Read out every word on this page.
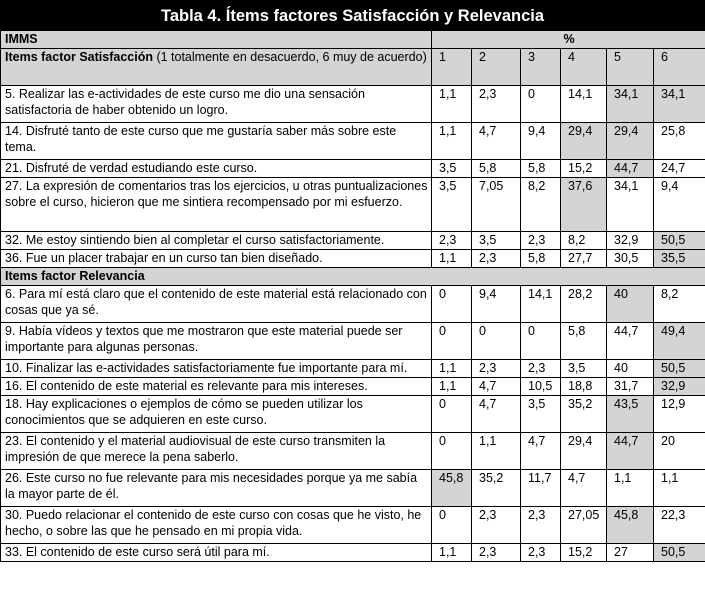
Tabla 4. Ítems factores Satisfacción y Relevancia
IMMS	%					
Items factor Satisfacción (1 totalmente en desacuerdo, 6 muy de acuerdo)	1	2	3	4	5	6
5. Realizar las e-actividades de este curso me dio una sensación satisfactoria de haber obtenido un logro.	1,1	2,3	0	14,1	34,1	34,1
14. Disfruté tanto de este curso que me gustaría saber más sobre este tema.	1,1	4,7	9,4	29,4	29,4	25,8
21. Disfruté de verdad estudiando este curso.	3,5	5,8	5,8	15,2	44,7	24,7
27. La expresión de comentarios tras los ejercicios, u otras puntualizaciones sobre el curso, hicieron que me sintiera recompensado por mi esfuerzo.	3,5	7,05	8,2	37,6	34,1	9,4
32. Me estoy sintiendo bien al completar el curso satisfactoriamente.	2,3	3,5	2,3	8,2	32,9	50,5
36. Fue un placer trabajar en un curso tan bien diseñado.	1,1	2,3	5,8	27,7	30,5	35,5
Items factor Relevancia						
6. Para mí está claro que el contenido de este material está relacionado con cosas que ya sé.	0	9,4	14,1	28,2	40	8,2
9. Había vídeos y textos que me mostraron que este material puede ser importante para algunas personas.	0	0	0	5,8	44,7	49,4
10. Finalizar las e-actividades satisfactoriamente fue importante para mí.	1,1	2,3	2,3	3,5	40	50,5
16. El contenido de este material es relevante para mis intereses.	1,1	4,7	10,5	18,8	31,7	32,9
18. Hay explicaciones o ejemplos de cómo se pueden utilizar los conocimientos que se adquieren en este curso.	0	4,7	3,5	35,2	43,5	12,9
23. El contenido y el material audiovisual de este curso transmiten la impresión de que merece la pena saberlo.	0	1,1	4,7	29,4	44,7	20
26. Este curso no fue relevante para mis necesidades porque ya me sabía la mayor parte de él.	45,8	35,2	11,7	4,7	1,1	1,1
30. Puedo relacionar el contenido de este curso con cosas que he visto, he hecho, o sobre las que he pensado en mi propia vida.	0	2,3	2,3	27,05	45,8	22,3
33. El contenido de este curso será útil para mí.	1,1	2,3	2,3	15,2	27	50,5
